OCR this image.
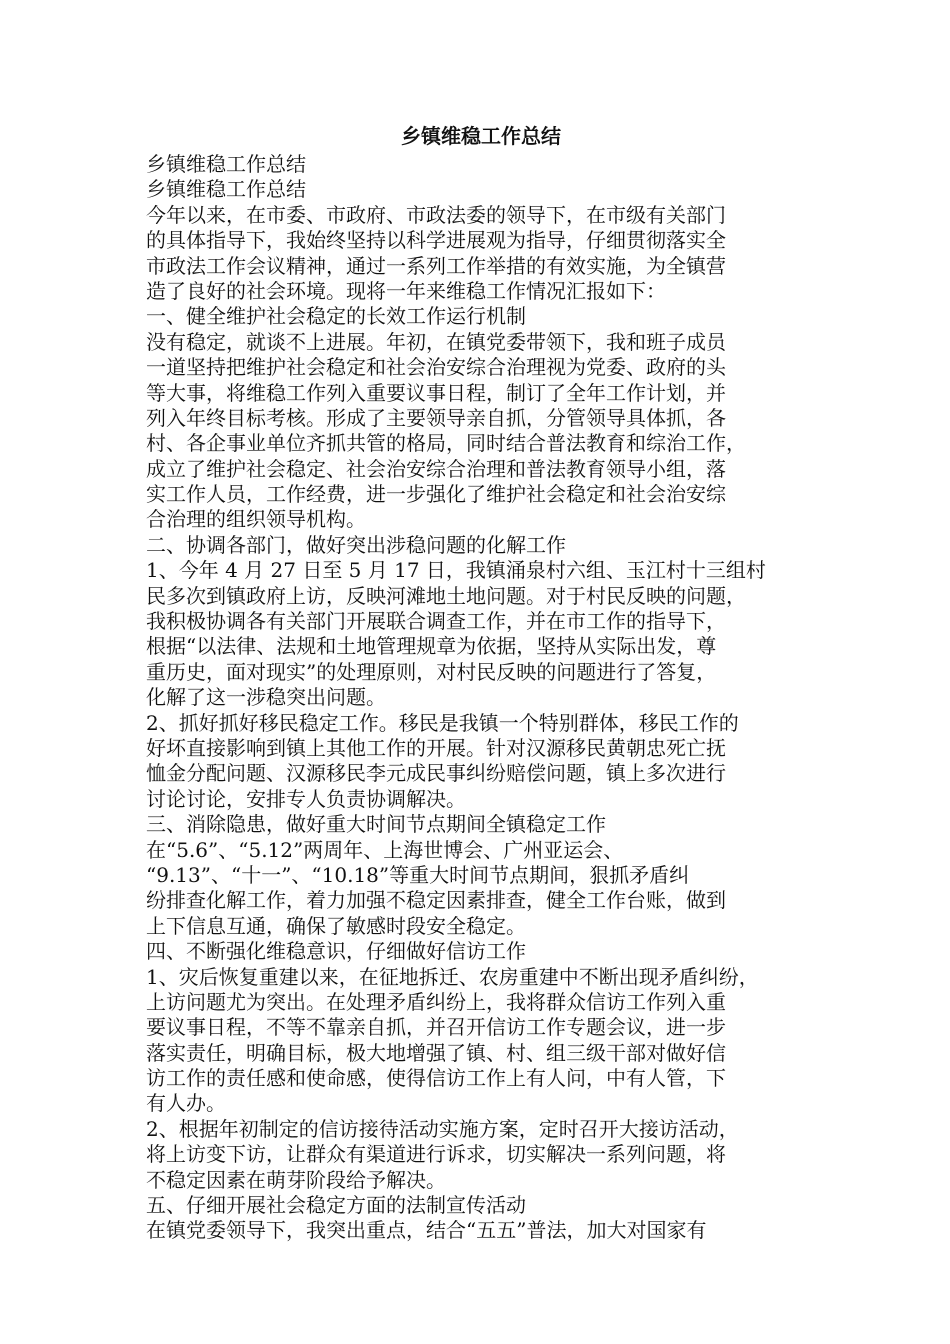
乡镇维稳工作总结
乡镇维稳工作总结
乡镇维稳工作总结
今年以来，在市委、市政府、市政法委的领导下，在市级有关部门
的具体指导下，我始终坚持以科学进展观为指导，仔细贯彻落实全
市政法工作会议精神，通过一系列工作举措的有效实施，为全镇营
造了良好的社会环境。现将一年来维稳工作情况汇报如下：
一、健全维护社会稳定的长效工作运行机制
没有稳定，就谈不上进展。年初，在镇党委带领下，我和班子成员
一道坚持把维护社会稳定和社会治安综合治理视为党委、政府的头
等大事，将维稳工作列入重要议事日程，制订了全年工作计划，并
列入年终目标考核。形成了主要领导亲自抓，分管领导具体抓，各
村、各企事业单位齐抓共管的格局，同时结合普法教育和综治工作，
成立了维护社会稳定、社会治安综合治理和普法教育领导小组，落
实工作人员，工作经费，进一步强化了维护社会稳定和社会治安综
合治理的组织领导机构。
二、协调各部门，做好突出涉稳问题的化解工作
1、今年 4 月 27 日至 5 月 17 日，我镇涌泉村六组、玉江村十三组村
民多次到镇政府上访，反映河滩地土地问题。对于村民反映的问题，
我积极协调各有关部门开展联合调查工作，并在市工作的指导下，
根据“以法律、法规和土地管理规章为依据，坚持从实际出发，尊
重历史，面对现实”的处理原则，对村民反映的问题进行了答复，
化解了这一涉稳突出问题。
2、抓好抓好移民稳定工作。移民是我镇一个特别群体，移民工作的
好坏直接影响到镇上其他工作的开展。针对汉源移民黄朝忠死亡抚
恤金分配问题、汉源移民李元成民事纠纷赔偿问题，镇上多次进行
讨论讨论，安排专人负责协调解决。
三、消除隐患，做好重大时间节点期间全镇稳定工作
在“5.6”、“5.12”两周年、上海世博会、广州亚运会、
“9.13”、“十一”、“10.18”等重大时间节点期间，狠抓矛盾纠
纷排查化解工作，着力加强不稳定因素排查，健全工作台账，做到
上下信息互通，确保了敏感时段安全稳定。
四、不断强化维稳意识，仔细做好信访工作
1、灾后恢复重建以来，在征地拆迁、农房重建中不断出现矛盾纠纷，
上访问题尤为突出。在处理矛盾纠纷上，我将群众信访工作列入重
要议事日程，不等不靠亲自抓，并召开信访工作专题会议，进一步
落实责任，明确目标，极大地增强了镇、村、组三级干部对做好信
访工作的责任感和使命感，使得信访工作上有人问，中有人管，下
有人办。
2、根据年初制定的信访接待活动实施方案，定时召开大接访活动，
将上访变下访，让群众有渠道进行诉求，切实解决一系列问题，将
不稳定因素在萌芽阶段给予解决。
五、仔细开展社会稳定方面的法制宣传活动
在镇党委领导下，我突出重点，结合“五五”普法，加大对国家有
